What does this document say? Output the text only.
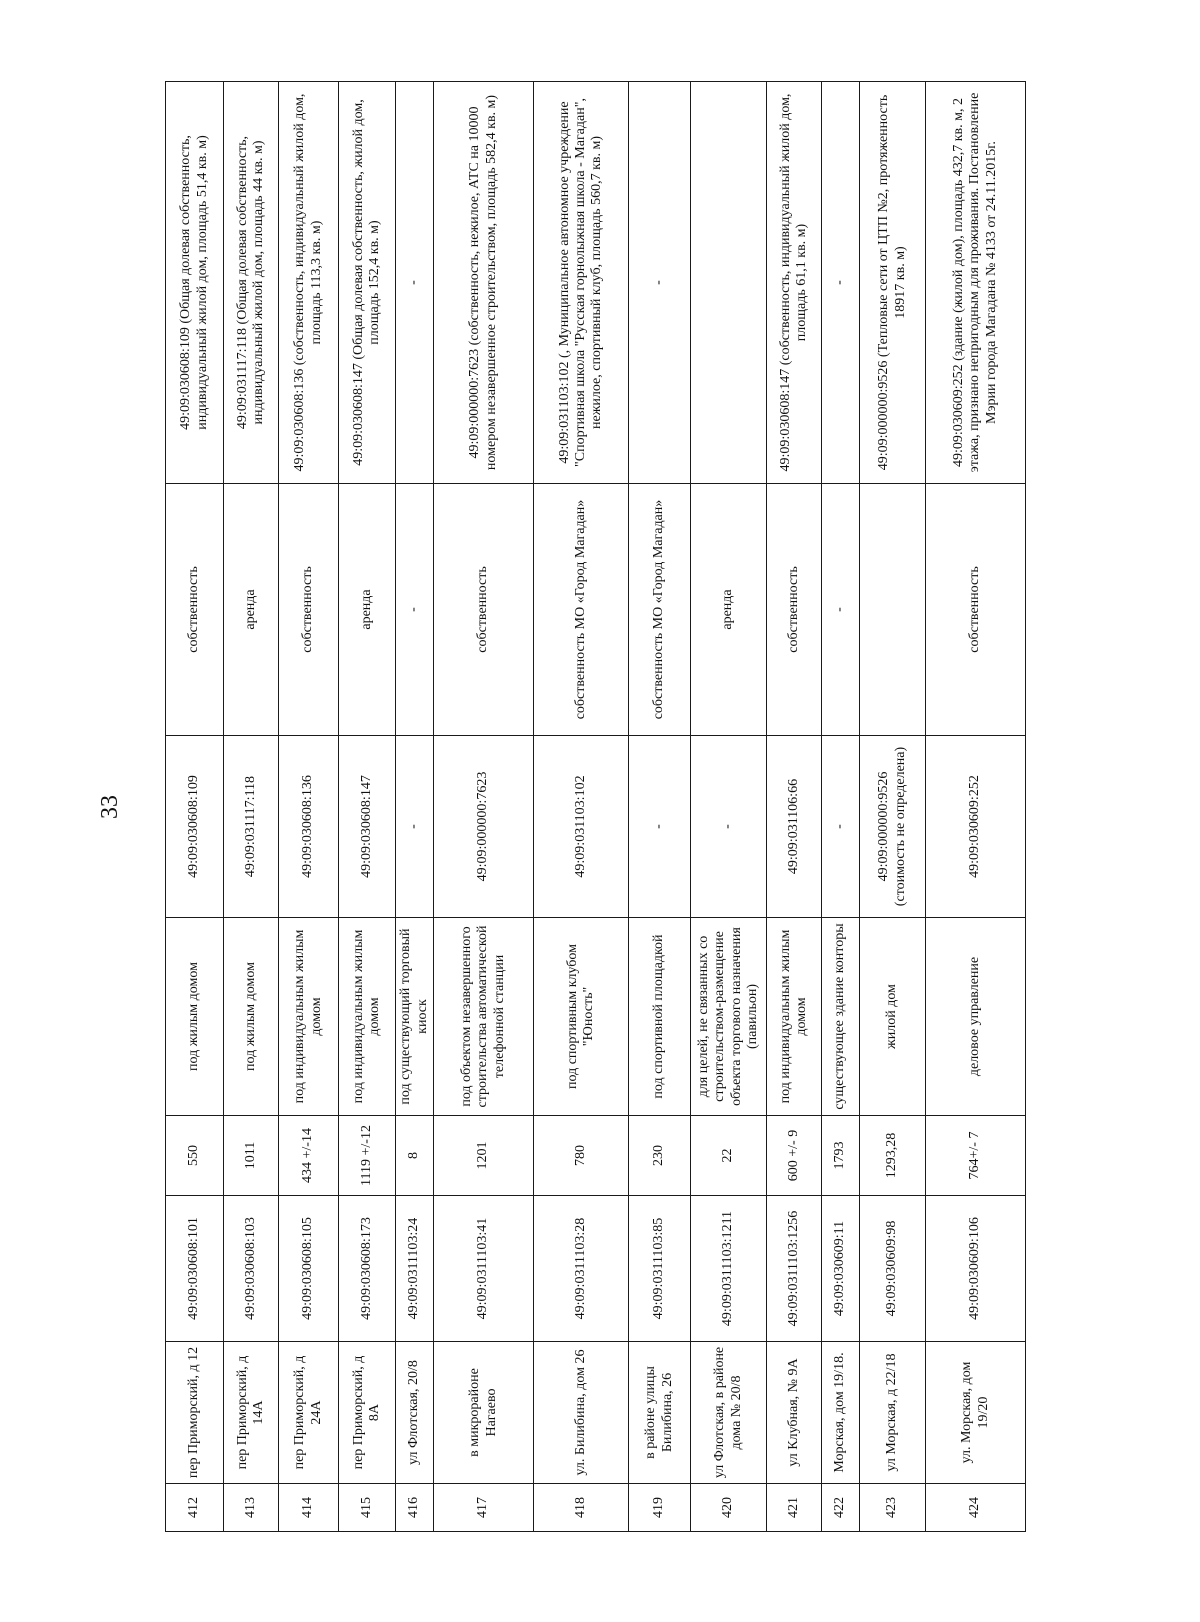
33
412	пер Приморский, д 12	49:09:030608:101	550	под жилым домом	49:09:030608:109	собственность	49:09:030608:109 (Общая долевая собственность, индивидуальный жилой дом, площадь 51,4 кв. м)
413	пер Приморский, д 14А	49:09:030608:103	1011	под жилым домом	49:09:031117:118	аренда	49:09:031117:118 (Общая долевая собственность, индивидуальный жилой дом, площадь 44 кв. м)
414	пер Приморский, д 24А	49:09:030608:105	434 +/-14	под индивидуальным жилым домом	49:09:030608:136	собственность	49:09:030608:136 (собственность, индивидуальный жилой дом, площадь 113,3 кв. м)
415	пер Приморский, д 8А	49:09:030608:173	1119 +/-12	под индивидуальным жилым домом	49:09:030608:147	аренда	49:09:030608:147 (Общая долевая собственность, жилой дом, площадь 152,4 кв. м)
416	ул Флотская, 20/8	49:09:0311103:24	8	под существующий торговый киоск	-	-	-
417	в микрорайоне Нагаево	49:09:0311103:41	1201	под объектом незавершенного строительства автоматической телефонной станции	49:09:000000:7623	собственность	49:09:000000:7623 (собственность, нежилое, АТС на 10000 номером незавершенное строительством, площадь 582,4 кв. м)
418	ул. Билибина, дом 26	49:09:0311103:28	780	под спортивным клубом "Юность"	49:09:031103:102	собственность МО «Город Магадан»	49:09:031103:102 (, Муниципальное автономное учреждение "Спортивная школа "Русская горнолыжная школа - Магадан", нежилое, спортивный клуб, площадь 560,7 кв. м)
419	в районе улицы Билибина, 26	49:09:0311103:85	230	под спортивной площадкой	-	собственность МО «Город Магадан»	-
420	ул Флотская, в районе дома № 20/8	49:09:0311103:1211	22	для целей, не связанных со строительством-размещение объекта торгового назначения (павильон)	-	аренда	
421	ул Клубная, № 9А	49:09:0311103:1256	600 +/- 9	под индивидуальным жилым домом	49:09:031106:66	собственность	49:09:030608:147 (собственность, индивидуальный жилой дом, площадь 61,1 кв. м)
422	Морская, дом 19/18.	49:09:030609:11	1793	существующее здание конторы	-	-	-
423	ул Морская, д 22/18	49:09:030609:98	1293,28	жилой дом	49:09:000000:9526 (стоимость не определена)		49:09:000000:9526 (Тепловые сети от ЦТП №2, протяженность 18917 кв. м)
424	ул. Морская, дом 19/20	49:09:030609:106	764+/- 7	деловое управление	49:09:030609:252	собственность	49:09:030609:252 (здание (жилой дом), площадь 432,7 кв. м, 2 этажа, признано непригодным для проживания. Постановление Мэрии города Магадана № 4133 от 24.11.2015г.
